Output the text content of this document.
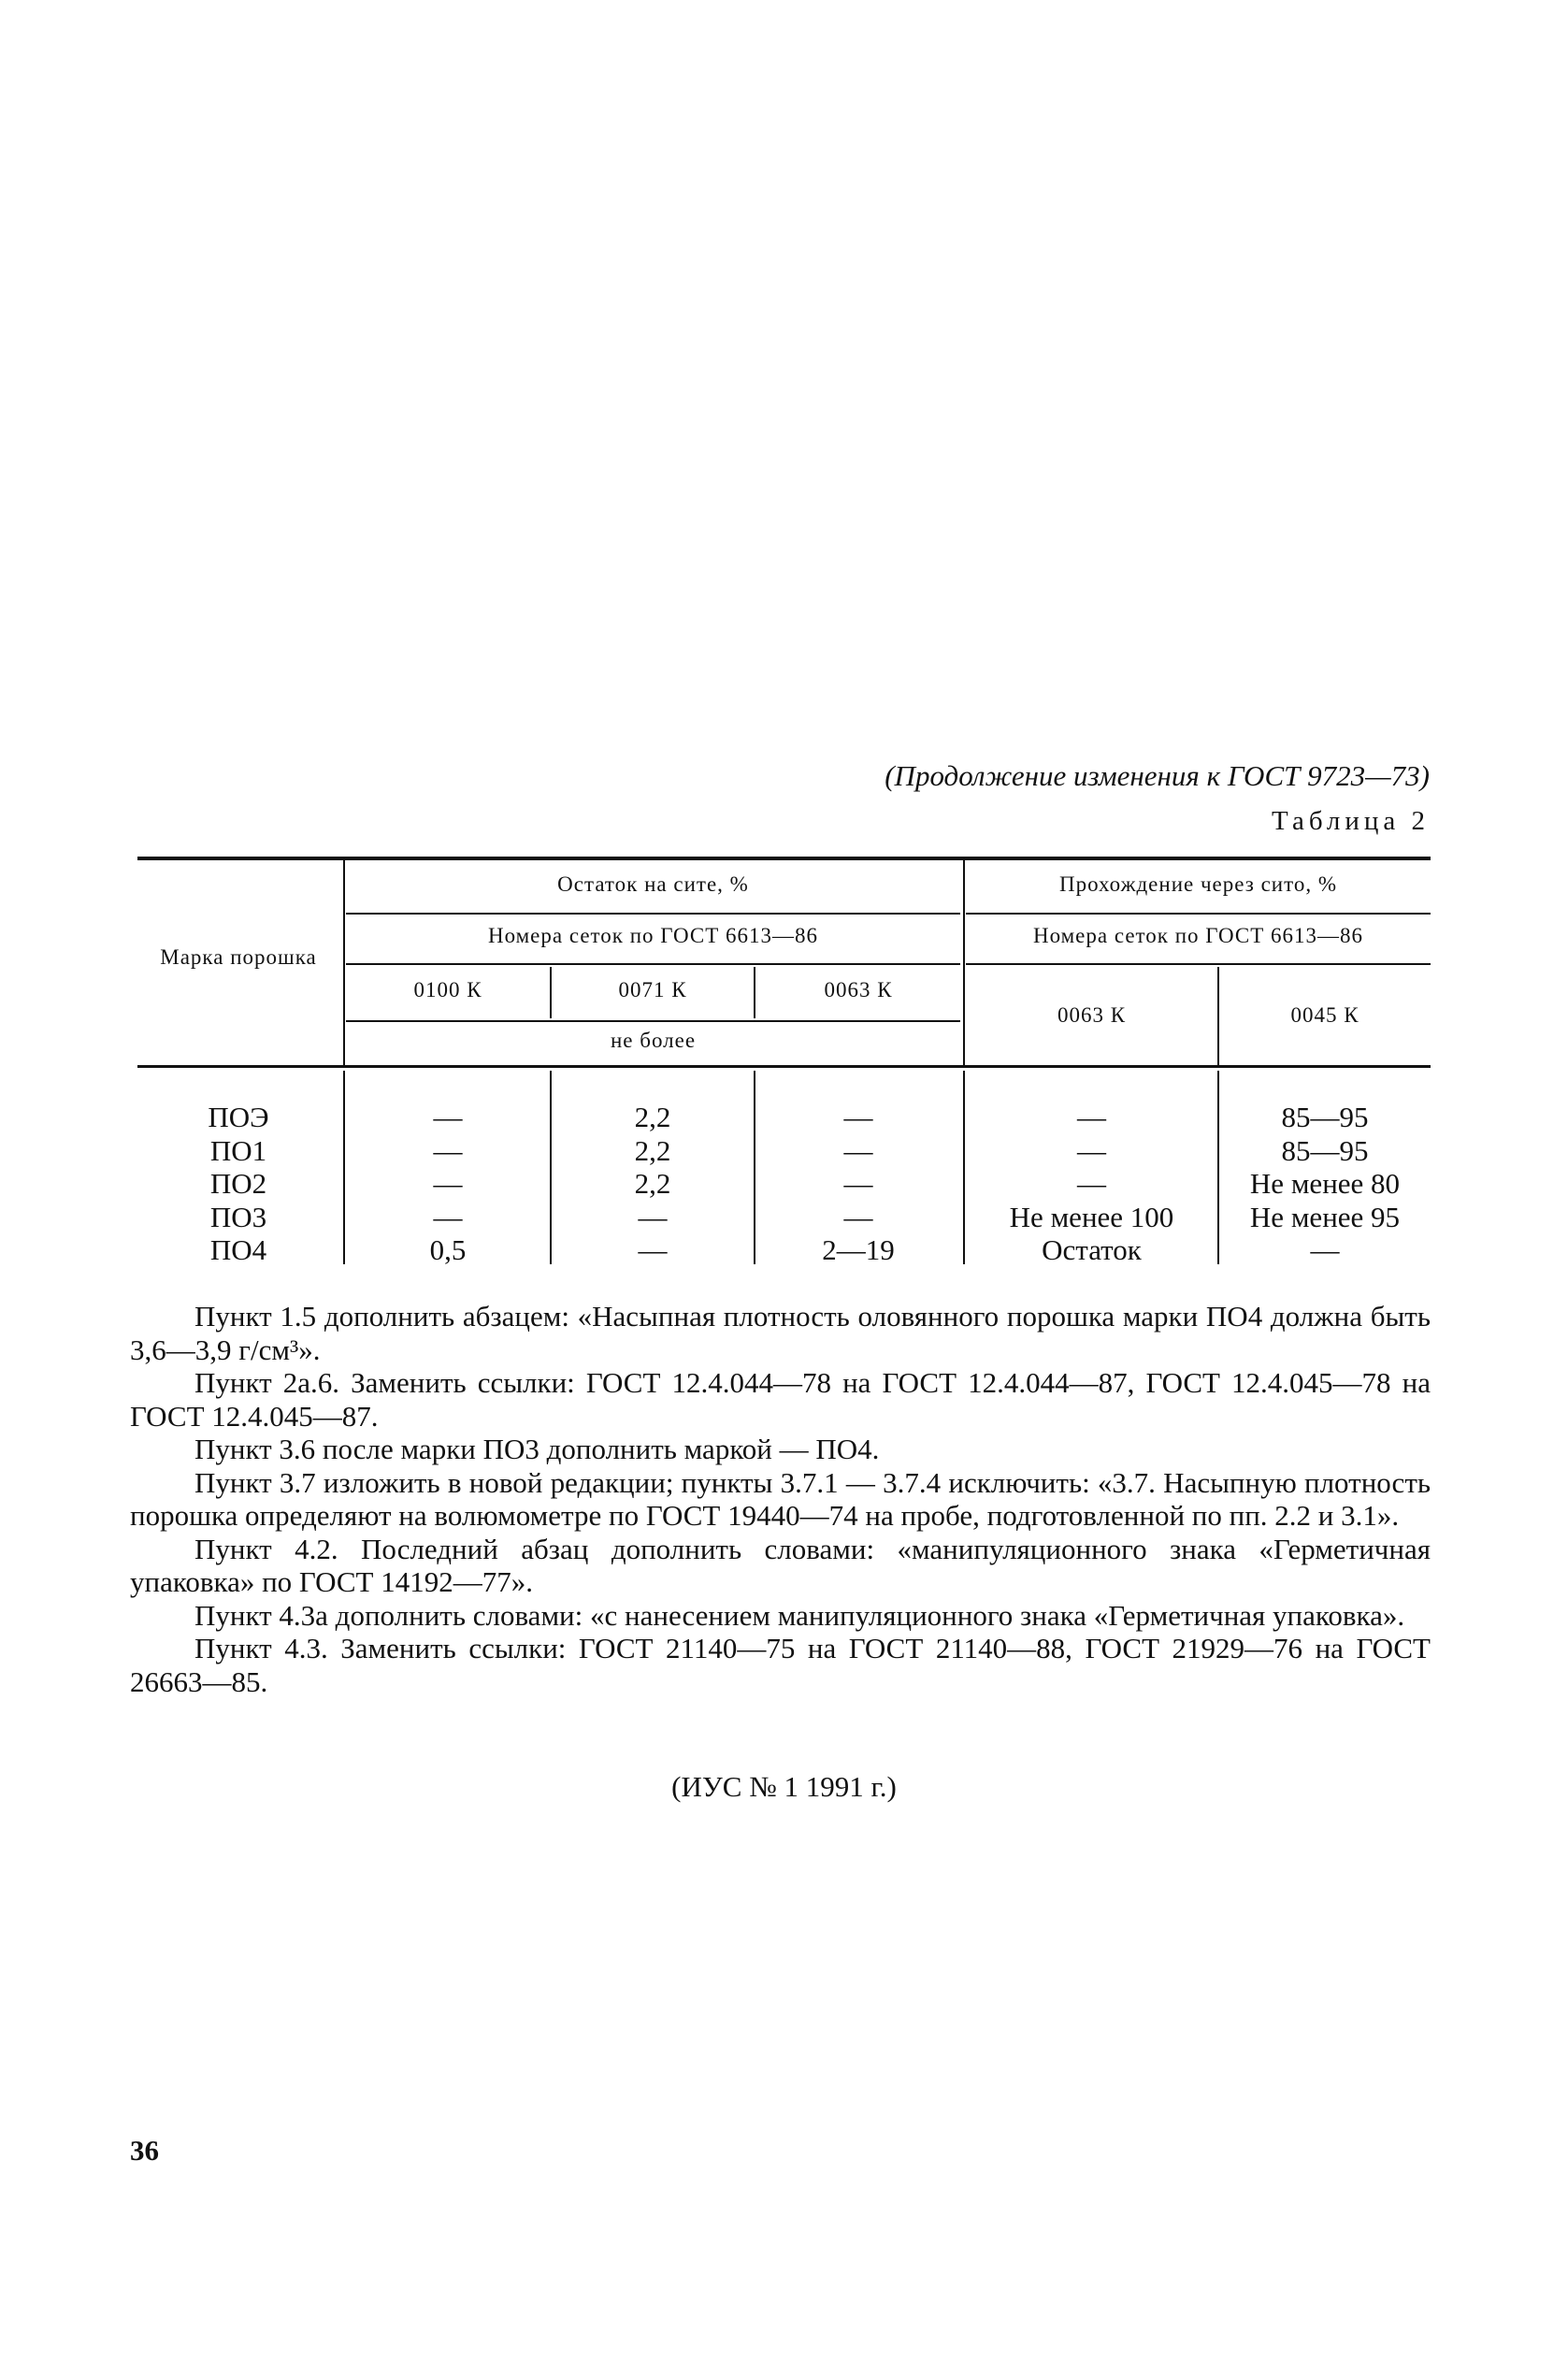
(Продолжение изменения к ГОСТ 9723—73)
Таблица 2
Марка порошка
Остаток на сите, %	Прохождение через сито, %
Номера сеток по ГОСТ 6613—86	Номера сеток по ГОСТ 6613—86
0100 К	0071 К	0063 К
0063 К	0045 К
не более
ПОЭ	—	2,2	—	—	85—95
ПО1	—	2,2	—	—	85—95
ПО2	—	2,2	—	—	Не менее 80
ПО3	—	—	—	Не менее 100	Не менее 95
ПО4	0,5	—	2—19	Остаток	—

Пункт 1.5 дополнить абзацем: «Насыпная плотность оловянного порошка марки ПО4 должна быть 3,6—3,9 г/см³».

Пункт 2а.6. Заменить ссылки: ГОСТ 12.4.044—78 на ГОСТ 12.4.044—87, ГОСТ 12.4.045—78 на ГОСТ 12.4.045—87.

Пункт 3.6 после марки ПО3 дополнить маркой — ПО4.

Пункт 3.7 изложить в новой редакции; пункты 3.7.1 — 3.7.4 исключить: «3.7. Насыпную плотность порошка определяют на волюмометре по ГОСТ 19440—74 на пробе, подготовленной по пп. 2.2 и 3.1».

Пункт 4.2. Последний абзац дополнить словами: «манипуляционного знака «Герметичная упаковка» по ГОСТ 14192—77».

Пункт 4.3а дополнить словами: «с нанесением манипуляционного знака «Герметичная упаковка».

Пункт 4.3. Заменить ссылки: ГОСТ 21140—75 на ГОСТ 21140—88, ГОСТ 21929—76 на ГОСТ 26663—85.

(ИУС № 1 1991 г.)
36
